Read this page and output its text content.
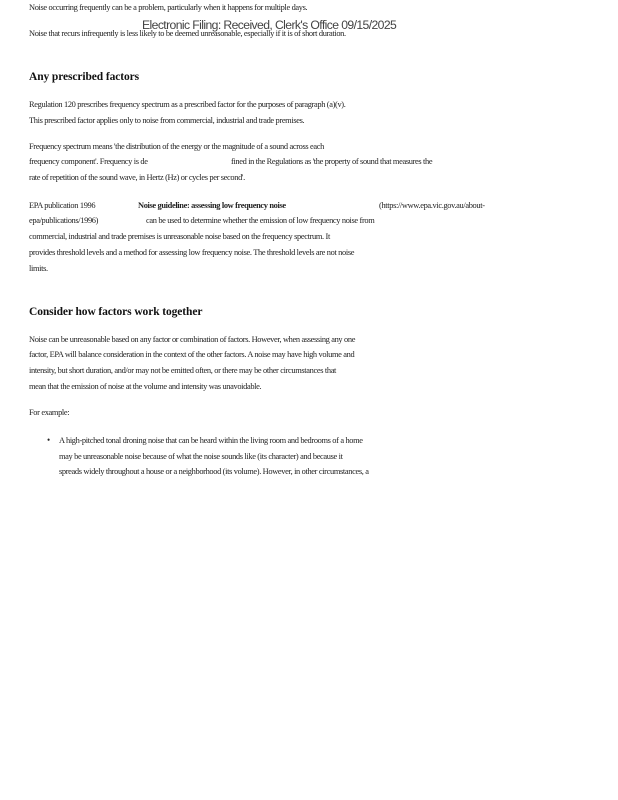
Noise occurring frequently can be a problem, particularly when it happens for multiple days.
Electronic Filing: Received, Clerk's Office 09/15/2025
Noise that recurs infrequently is less likely to be deemed unreasonable, especially if it is of short duration.
Any prescribed factors
Regulation 120 prescribes frequency spectrum as a prescribed factor for the purposes of paragraph (a)(v).
This prescribed factor applies only to noise from commercial, industrial and trade premises.
Frequency spectrum means 'the distribution of the energy or the magnitude of a sound across each
frequency component'. Frequency is de	fined in the Regulations as 'the property of sound that measures the
rate of repetition of the sound wave, in Hertz (Hz) or cycles per second'.
EPA publication 1996	Noise guideline: assessing low frequency noise	(https://www.epa.vic.gov.au/about-
epa/publications/1996)	can be used to determine whether the emission of low frequency noise from
commercial, industrial and trade premises is unreasonable noise based on the frequency spectrum. It
provides threshold levels and a method for assessing low frequency noise. The threshold levels are not noise
limits.
Consider how factors work together
Noise can be unreasonable based on any factor or combination of factors. However, when assessing any one
factor, EPA will balance consideration in the context of the other factors. A noise may have high volume and
intensity, but short duration, and/or may not be emitted often, or there may be other circumstances that
mean that the emission of noise at the volume and intensity was unavoidable.
For example:
• A high-pitched tonal droning noise that can be heard within the living room and bedrooms of a home
may be unreasonable noise because of what the noise sounds like (its character) and because it
spreads widely throughout a house or a neighborhood (its volume). However, in other circumstances, a
